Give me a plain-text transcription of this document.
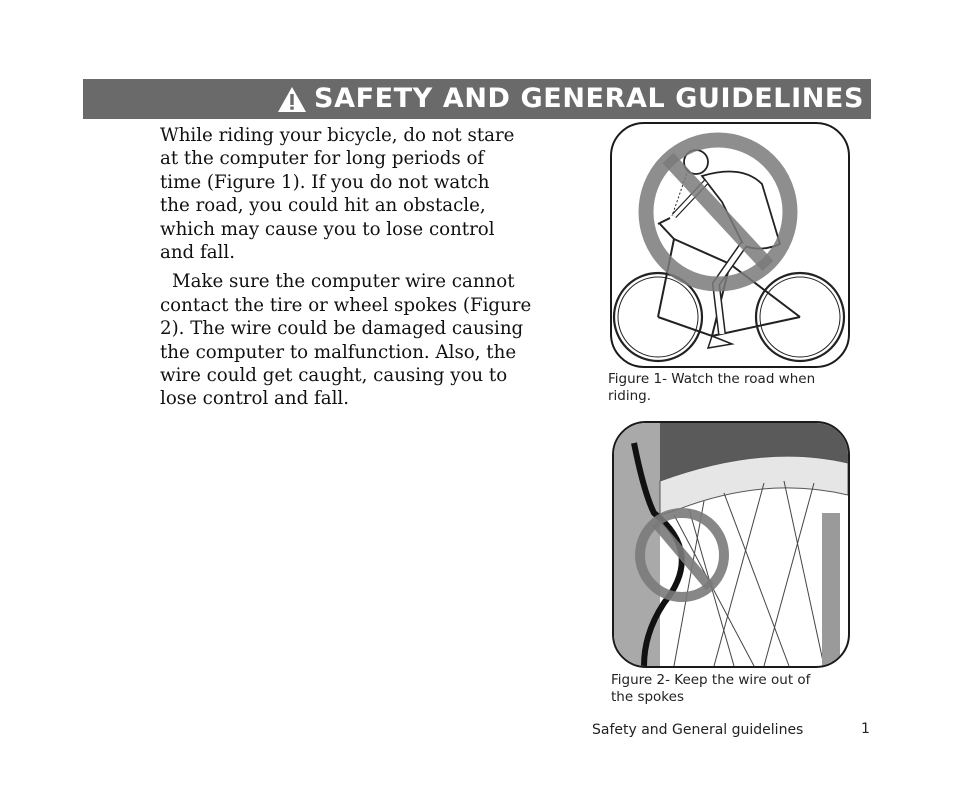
SAFETY AND GENERAL GUIDELINES

While riding your bicycle, do not stare
at the computer for long periods of
time (Figure 1). If you do not watch
the road, you could hit an obstacle,
which may cause you to lose control
and fall.

Make sure the computer wire cannot
contact the tire or wheel spokes (Figure
2). The wire could be damaged causing
the computer to malfunction. Also, the
wire could get caught, causing you to
lose control and fall.

Figure 1- Watch the road when
riding.
Figure 2- Keep the wire out of
the spokes
Safety and General guidelines	1
